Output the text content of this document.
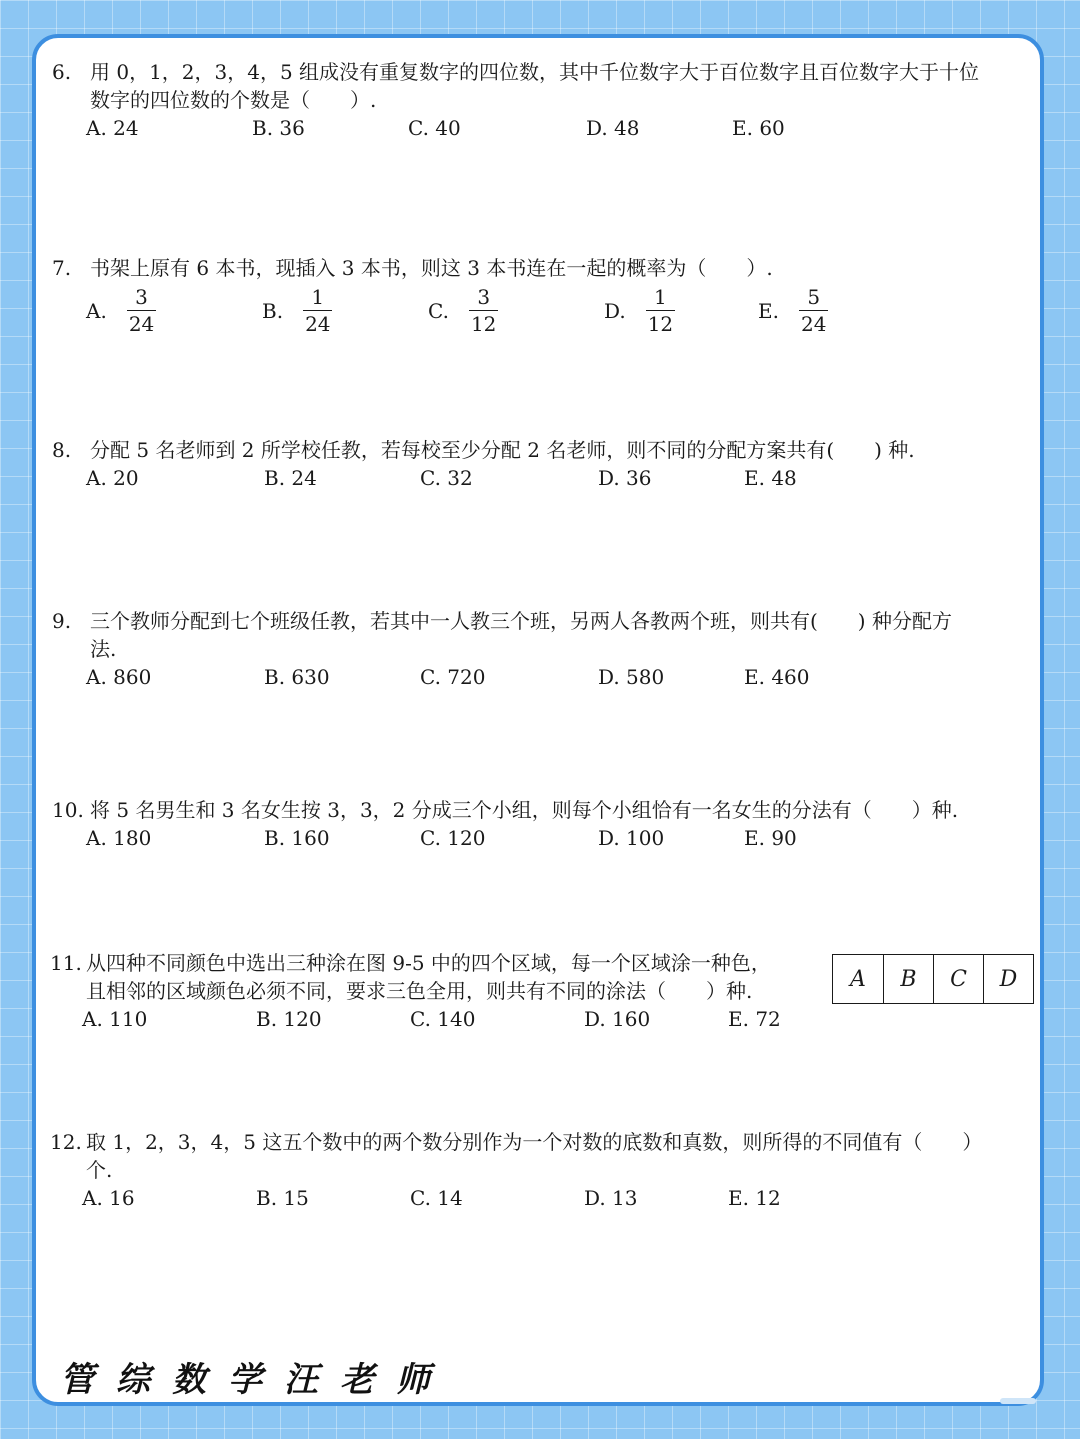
6. 用 0，1，2，3，4，5 组成没有重复数字的四位数，其中千位数字大于百位数字且百位数字大于十位
数字的四位数的个数是（　　）.
A. 24	B. 36	C. 40	D. 48	E. 60
7. 书架上原有 6 本书，现插入 3 本书，则这 3 本书连在一起的概率为（　　）.
A. $\frac{3}{24}$	B. $\frac{1}{24}$	C. $\frac{3}{12}$	D. $\frac{1}{12}$	E. $\frac{5}{24}$
8. 分配 5 名老师到 2 所学校任教，若每校至少分配 2 名老师，则不同的分配方案共有(　　) 种.
A. 20	B. 24	C. 32	D. 36	E. 48
9. 三个教师分配到七个班级任教，若其中一人教三个班，另两人各教两个班，则共有(　　) 种分配方
法.
A. 860	B. 630	C. 720	D. 580	E. 460
10. 将 5 名男生和 3 名女生按 3，3，2 分成三个小组，则每个小组恰有一名女生的分法有（　　）种.
A. 180	B. 160	C. 120	D. 100	E. 90
11. 从四种不同颜色中选出三种涂在图 9-5 中的四个区域，每一个区域涂一种色，
且相邻的区域颜色必须不同，要求三色全用，则共有不同的涂法（　　）种.
A. 110	B. 120	C. 140	D. 160	E. 72
A	B	C	D
12. 取 1，2，3，4，5 这五个数中的两个数分别作为一个对数的底数和真数，则所得的不同值有（　　）
个.
A. 16	B. 15	C. 14	D. 13	E. 12
管综数学汪老师
